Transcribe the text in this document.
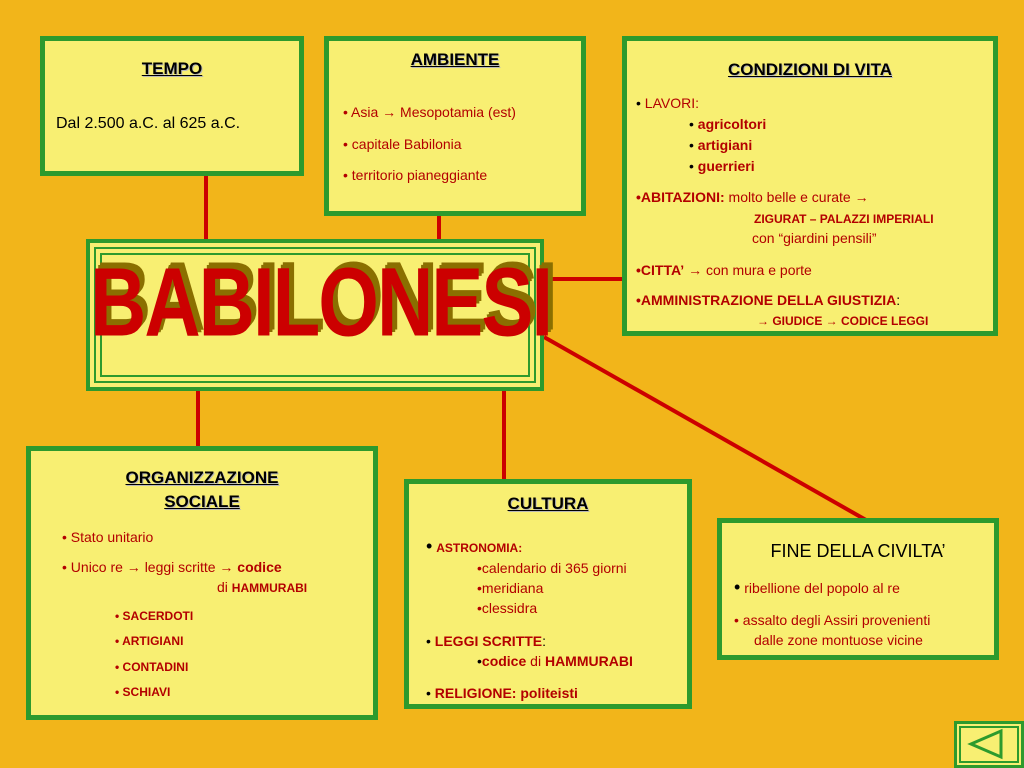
BABILONESI
TEMPO
Dal 2.500 a.C. al 625 a.C.
AMBIENTE
• Asia → Mesopotamia (est)
• capitale Babilonia
• territorio pianeggiante
CONDIZIONI DI VITA
• LAVORI:
• agricoltori
• artigiani
• guerrieri
•ABITAZIONI: molto belle e curate →
ZIGURAT – PALAZZI IMPERIALI
con “giardini pensili”
•CITTA’ → con mura e porte
•AMMINISTRAZIONE DELLA GIUSTIZIA:
→ GIUDICE → CODICE LEGGI
ORGANIZZAZIONE
SOCIALE
• Stato unitario
• Unico re → leggi scritte → codice
di HAMMURABI
• SACERDOTI
• ARTIGIANI
• CONTADINI
• SCHIAVI
CULTURA
• ASTRONOMIA:
•calendario di 365 giorni
•meridiana
•clessidra
• LEGGI SCRITTE:
•codice di HAMMURABI
• RELIGIONE: politeisti
FINE DELLA CIVILTA’
• ribellione del popolo al re
• assalto degli Assiri provenienti
dalle zone montuose vicine
